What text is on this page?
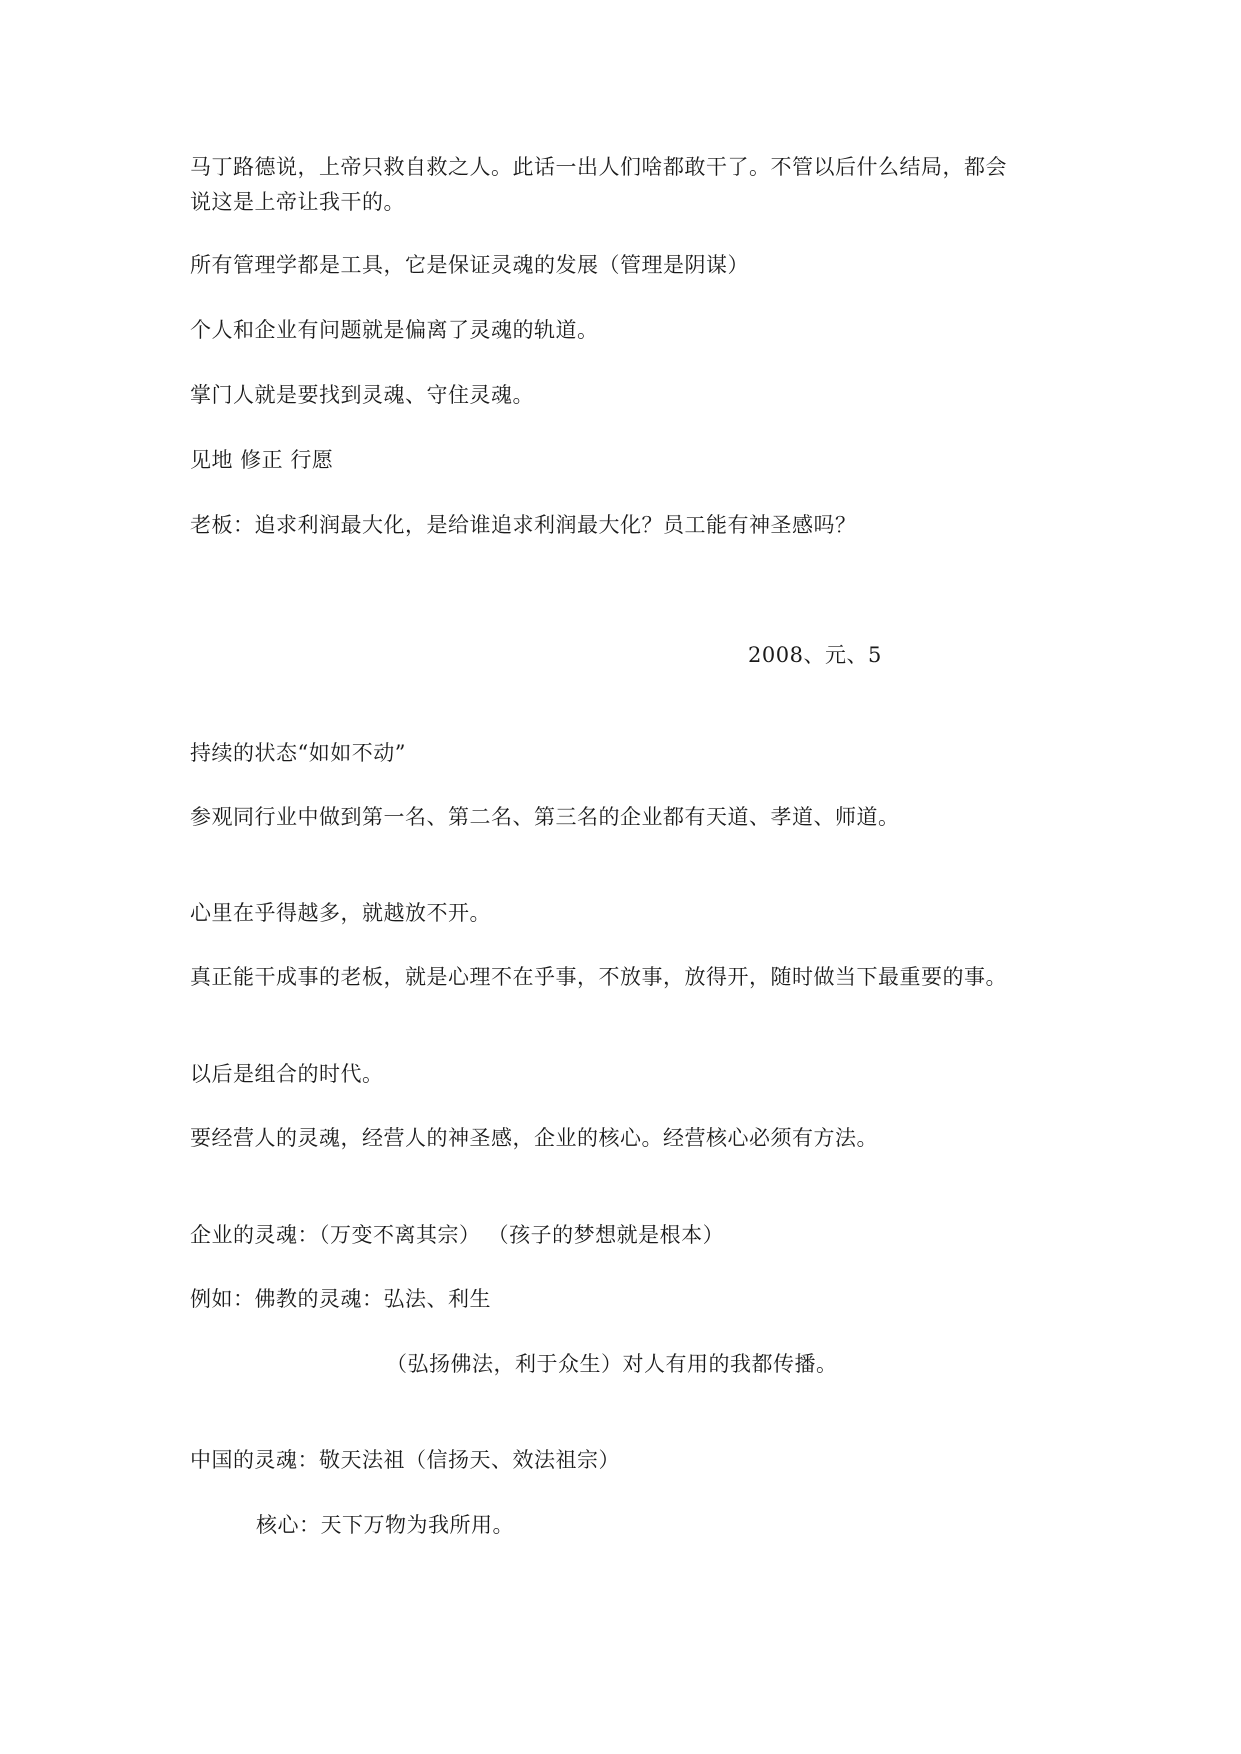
马丁路德说，上帝只救自救之人。此话一出人们啥都敢干了。不管以后什么结局，都会
说这是上帝让我干的。
所有管理学都是工具，它是保证灵魂的发展（管理是阴谋）
个人和企业有问题就是偏离了灵魂的轨道。
掌门人就是要找到灵魂、守住灵魂。
见地 修正 行愿
老板：追求利润最大化，是给谁追求利润最大化？员工能有神圣感吗？
2008、元、5
持续的状态“如如不动”
参观同行业中做到第一名、第二名、第三名的企业都有天道、孝道、师道。
心里在乎得越多，就越放不开。
真正能干成事的老板，就是心理不在乎事，不放事，放得开，随时做当下最重要的事。
以后是组合的时代。
要经营人的灵魂，经营人的神圣感，企业的核心。经营核心必须有方法。
企业的灵魂：（万变不离其宗） （孩子的梦想就是根本）
例如：佛教的灵魂：弘法、利生
（弘扬佛法，利于众生）对人有用的我都传播。
中国的灵魂：敬天法祖（信扬天、效法祖宗）
核心：天下万物为我所用。
